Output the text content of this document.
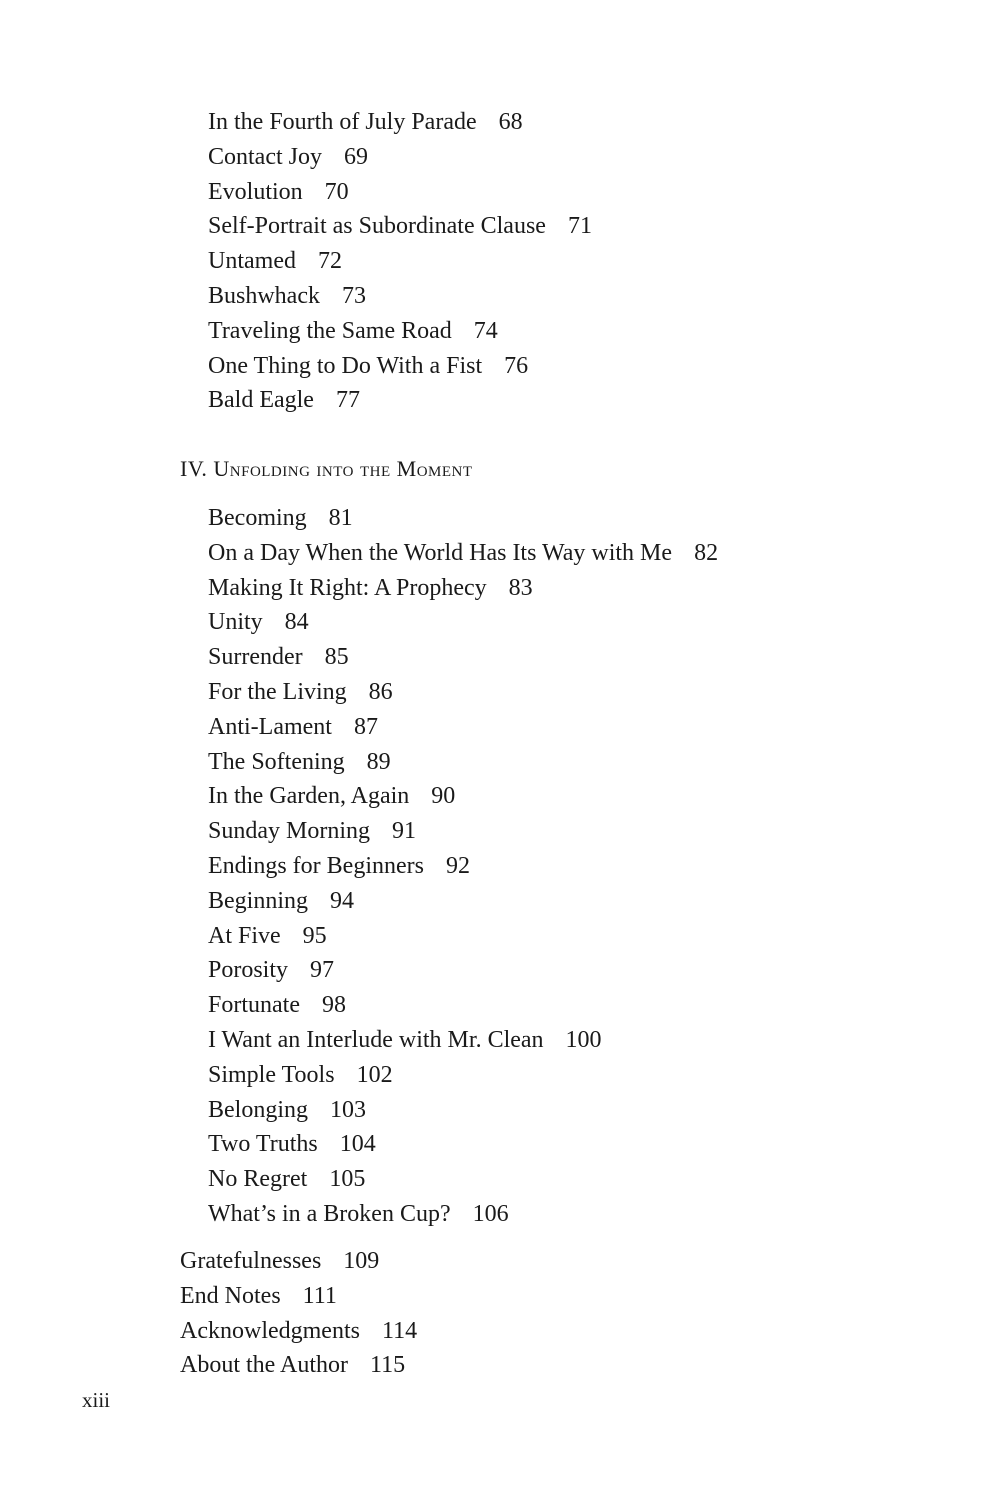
In the Fourth of July Parade 68
Contact Joy 69
Evolution 70
Self-Portrait as Subordinate Clause 71
Untamed 72
Bushwhack 73
Traveling the Same Road 74
One Thing to Do With a Fist 76
Bald Eagle 77
IV. Unfolding into the Moment
Becoming 81
On a Day When the World Has Its Way with Me 82
Making It Right: A Prophecy 83
Unity 84
Surrender 85
For the Living 86
Anti-Lament 87
The Softening 89
In the Garden, Again 90
Sunday Morning 91
Endings for Beginners 92
Beginning 94
At Five 95
Porosity 97
Fortunate 98
I Want an Interlude with Mr. Clean 100
Simple Tools 102
Belonging 103
Two Truths 104
No Regret 105
What’s in a Broken Cup? 106
Gratefulnesses 109
End Notes 111
Acknowledgments 114
About the Author 115
xiii
